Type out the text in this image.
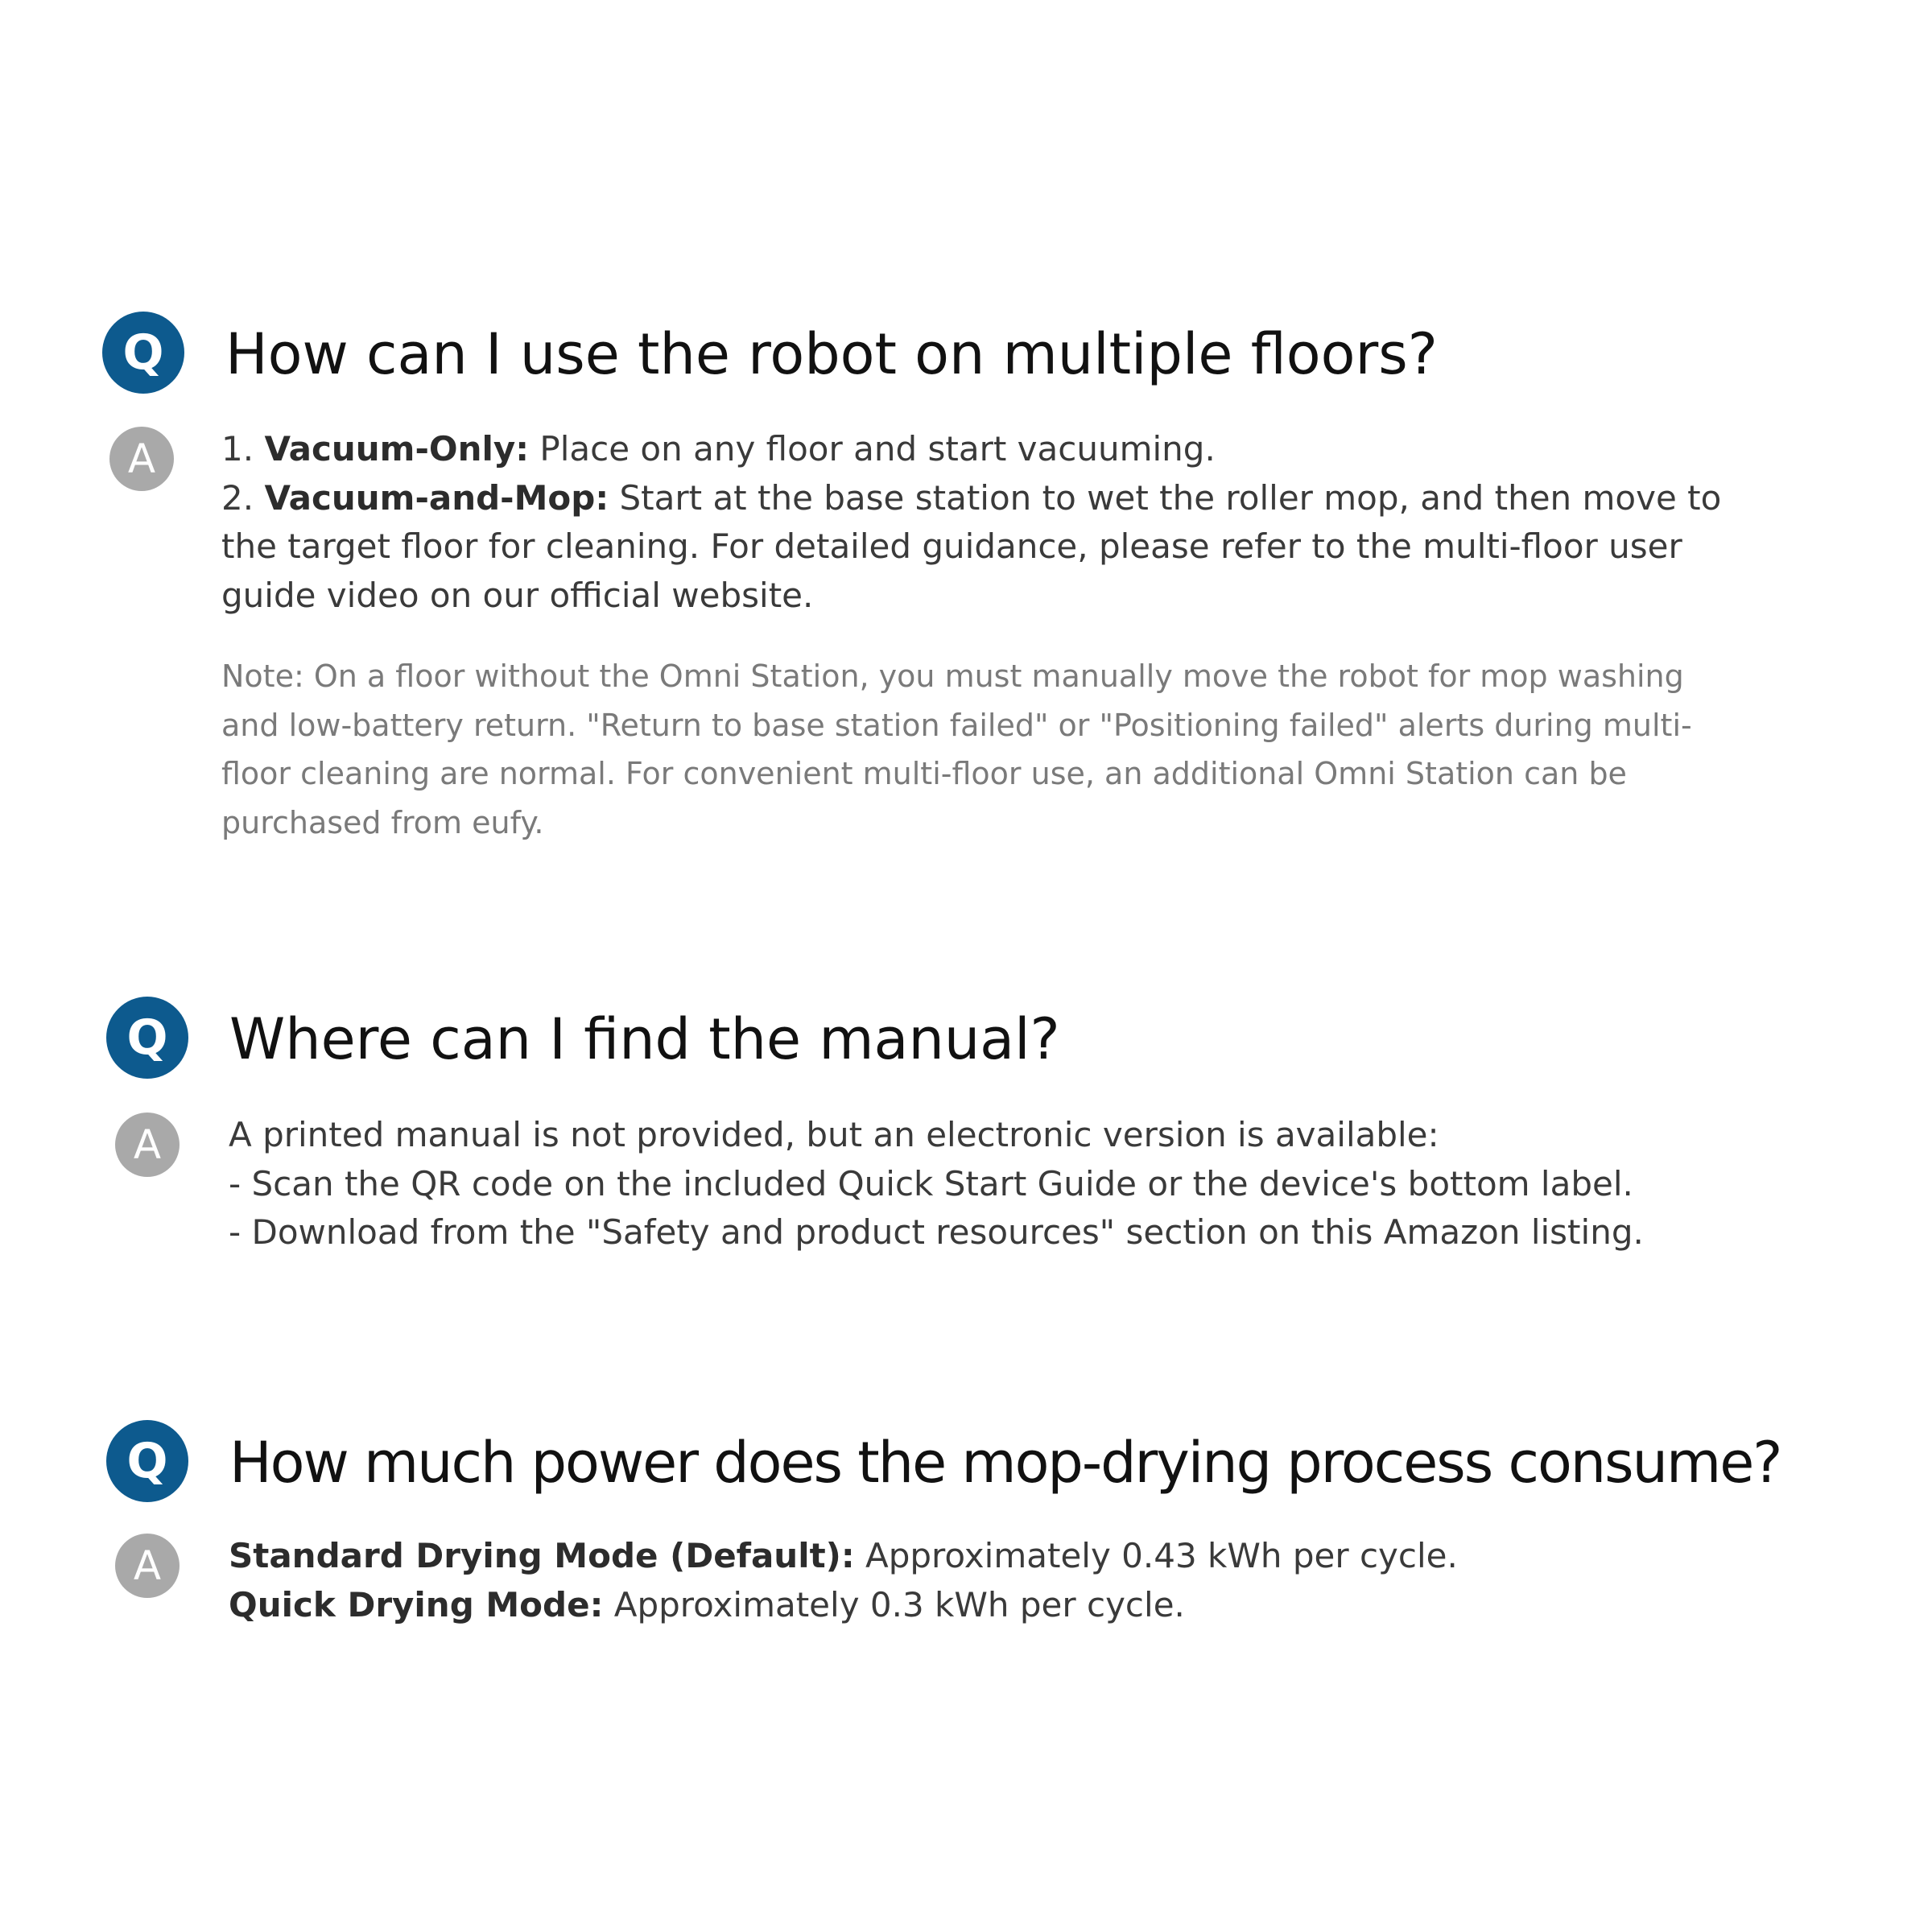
Q	How can I use the robot on multiple floors?
A	1. Vacuum-Only: Place on any floor and start vacuuming.
2. Vacuum-and-Mop: Start at the base station to wet the roller mop, and then move to
the target floor for cleaning. For detailed guidance, please refer to the multi-floor user
guide video on our official website.
Note: On a floor without the Omni Station, you must manually move the robot for mop washing
and low-battery return. "Return to base station failed" or "Positioning failed" alerts during multi-
floor cleaning are normal. For convenient multi-floor use, an additional Omni Station can be
purchased from eufy.
Q	Where can I find the manual?
A	A printed manual is not provided, but an electronic version is available:
- Scan the QR code on the included Quick Start Guide or the device's bottom label.
- Download from the "Safety and product resources" section on this Amazon listing.
Q	How much power does the mop-drying process consume?
A	Standard Drying Mode (Default): Approximately 0.43 kWh per cycle.
Quick Drying Mode: Approximately 0.3 kWh per cycle.
